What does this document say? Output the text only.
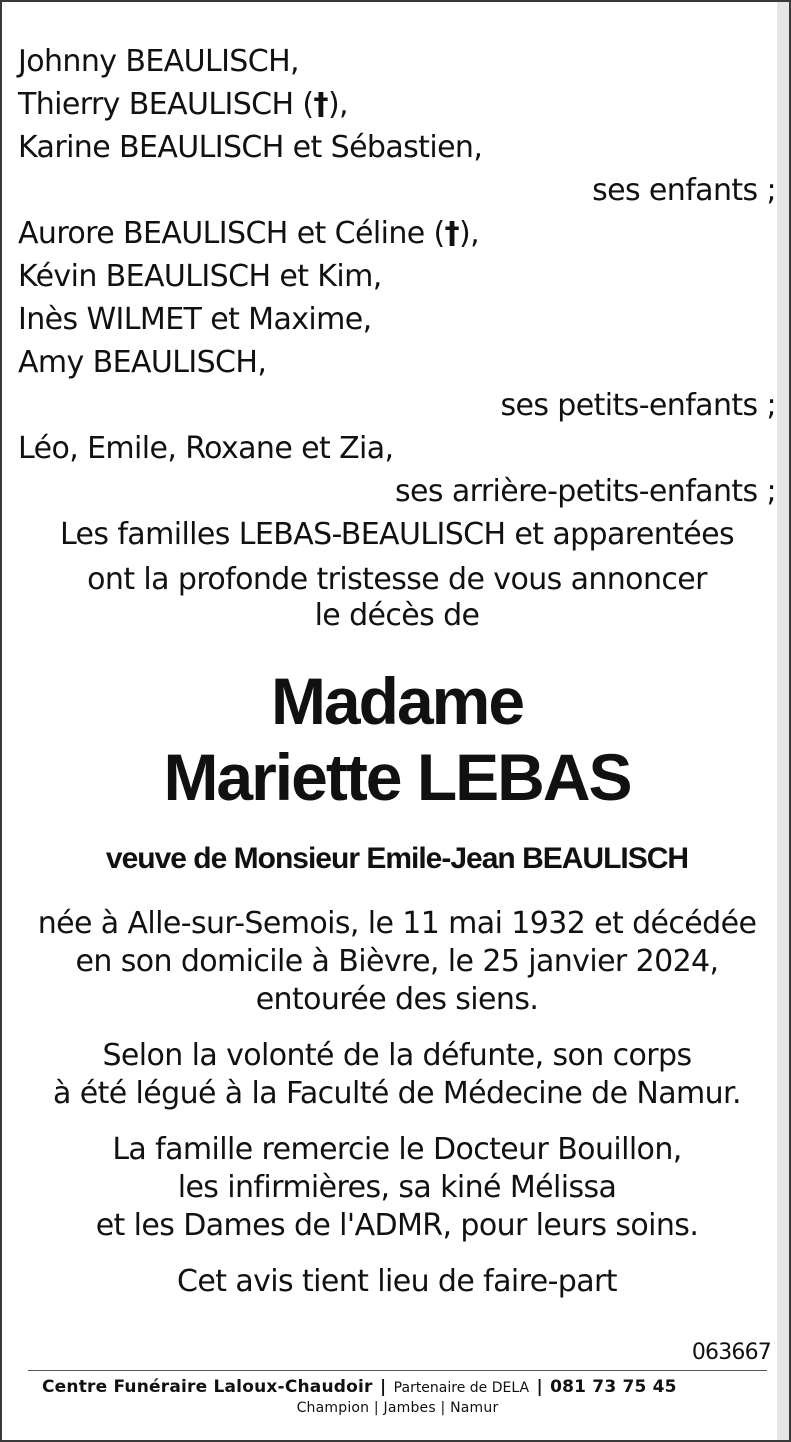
Johnny BEAULISCH,
Thierry BEAULISCH (†),
Karine BEAULISCH et Sébastien,
ses enfants ;
Aurore BEAULISCH et Céline (†),
Kévin BEAULISCH et Kim,
Inès WILMET et Maxime,
Amy BEAULISCH,
ses petits-enfants ;
Léo, Emile, Roxane et Zia,
ses arrière-petits-enfants ;
Les familles LEBAS-BEAULISCH et apparentées
ont la profonde tristesse de vous annoncer
le décès de
Madame
Mariette LEBAS
veuve de Monsieur Emile-Jean BEAULISCH
née à Alle-sur-Semois, le 11 mai 1932 et décédée
en son domicile à Bièvre, le 25 janvier 2024,
entourée des siens.
Selon la volonté de la défunte, son corps
à été légué à la Faculté de Médecine de Namur.
La famille remercie le Docteur Bouillon,
les infirmières, sa kiné Mélissa
et les Dames de l'ADMR, pour leurs soins.
Cet avis tient lieu de faire-part
063667
Centre Funéraire Laloux-Chaudoir | Partenaire de DELA | 081 73 75 45
Champion | Jambes | Namur
